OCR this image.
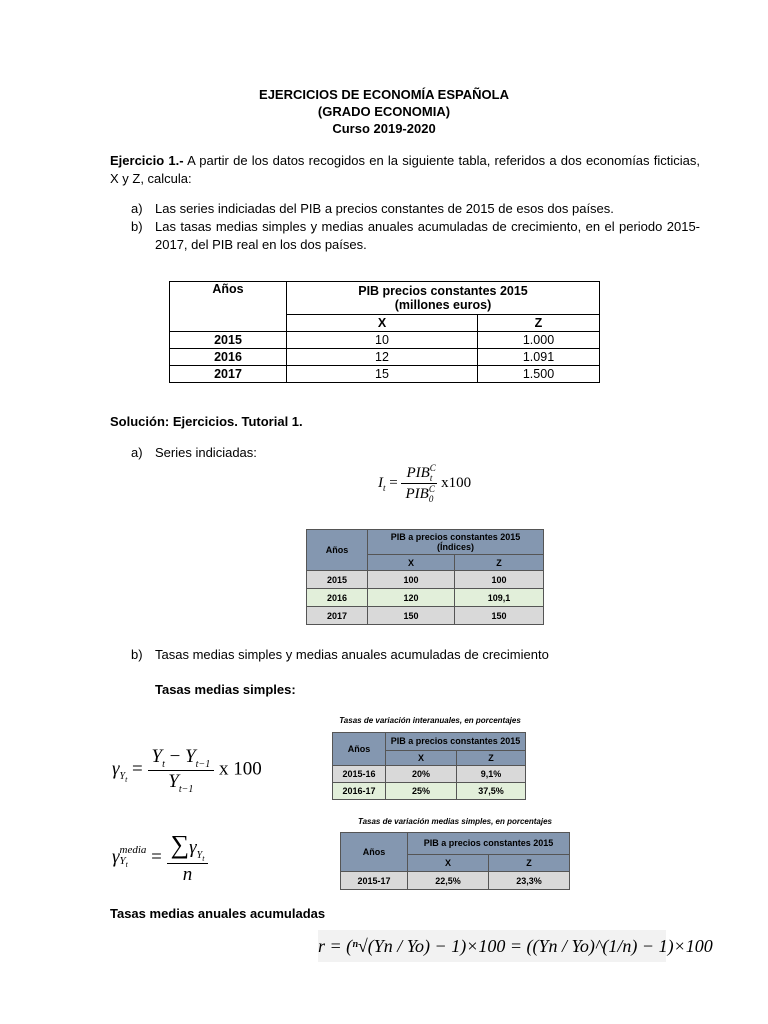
EJERCICIOS DE ECONOMÍA ESPAÑOLA
(GRADO ECONOMIA)
Curso 2019-2020
Ejercicio 1.- A partir de los datos recogidos en la siguiente tabla, referidos a dos economías ficticias, X y Z, calcula:
a) Las series indiciadas del PIB a precios constantes de 2015 de esos dos países.
b) Las tasas medias simples y medias anuales acumuladas de crecimiento, en el periodo 2015-2017, del PIB real en los dos países.
Años	PIB precios constantes 2015
(millones euros)	

	X	Z
2015	10	1.000
2016	12	1.091
2017	15	1.500
Solución: Ejercicios. Tutorial 1.
a) Series indiciadas:
$I_t = \frac{PIB^C_t}{PIB^C_0} x100$
Años	PIB a precios constantes 2015
(Índices)	

	X	Z
2015	100	100
2016	120	109,1
2017	150	150
b) Tasas medias simples y medias anuales acumuladas de crecimiento
Tasas medias simples:
Tasas de variación interanuales, en porcentajes
Años	PIB a precios constantes 2015	
	X	Z
2015-16	20%	9,1%
2016-17	25%	37,5%
$\gamma_{Y_t} = \frac{Y_t - Y_{t-1}}{Y_{t-1}}$ x 100
Tasas de variación medias simples, en porcentajes
Años	PIB a precios constantes 2015	
	X	Z
2015-17	22,5%	23,3%
γ media
$Y_t$	= $\frac{\sum\gamma_{Y_t}}{n}$
Tasas medias anuales acumuladas
r = (ⁿ√(Yn / Yo) − 1)×100 = ((Yn / Yo)^(1/n) − 1)×100
